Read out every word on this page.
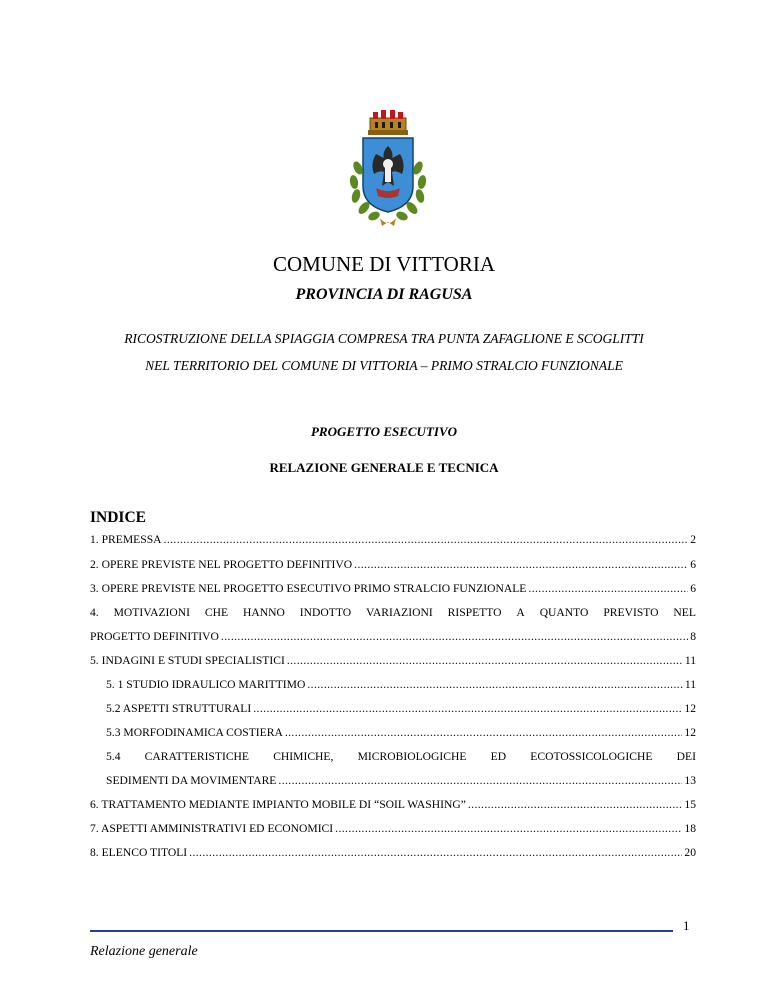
COMUNE DI VITTORIA
PROVINCIA DI RAGUSA
RICOSTRUZIONE DELLA SPIAGGIA COMPRESA TRA PUNTA ZAFAGLIONE E SCOGLITTI
NEL TERRITORIO DEL COMUNE DI VITTORIA – PRIMO STRALCIO FUNZIONALE
PROGETTO ESECUTIVO
RELAZIONE GENERALE E TECNICA
INDICE
1. PREMESSA .....	2
2. OPERE PREVISTE NEL PROGETTO DEFINITIVO .....	6
3. OPERE PREVISTE NEL PROGETTO ESECUTIVO PRIMO STRALCIO FUNZIONALE .....	6
4. MOTIVAZIONI CHE HANNO INDOTTO VARIAZIONI RISPETTO A QUANTO PREVISTO NEL
PROGETTO DEFINITIVO .....	8
5. INDAGINI E STUDI SPECIALISTICI .....	11
5. 1 STUDIO IDRAULICO MARITTIMO .....	11
5.2 ASPETTI STRUTTURALI .....	12
5.3 MORFODINAMICA COSTIERA .....	12
5.4 CARATTERISTICHE CHIMICHE, MICROBIOLOGICHE ED ECOTOSSICOLOGICHE DEI
SEDIMENTI DA MOVIMENTARE .....	13
6. TRATTAMENTO MEDIANTE IMPIANTO MOBILE DI “SOIL WASHING” .....	15
7. ASPETTI AMMINISTRATIVI ED ECONOMICI .....	18
8. ELENCO TITOLI .....	20
1
Relazione generale
